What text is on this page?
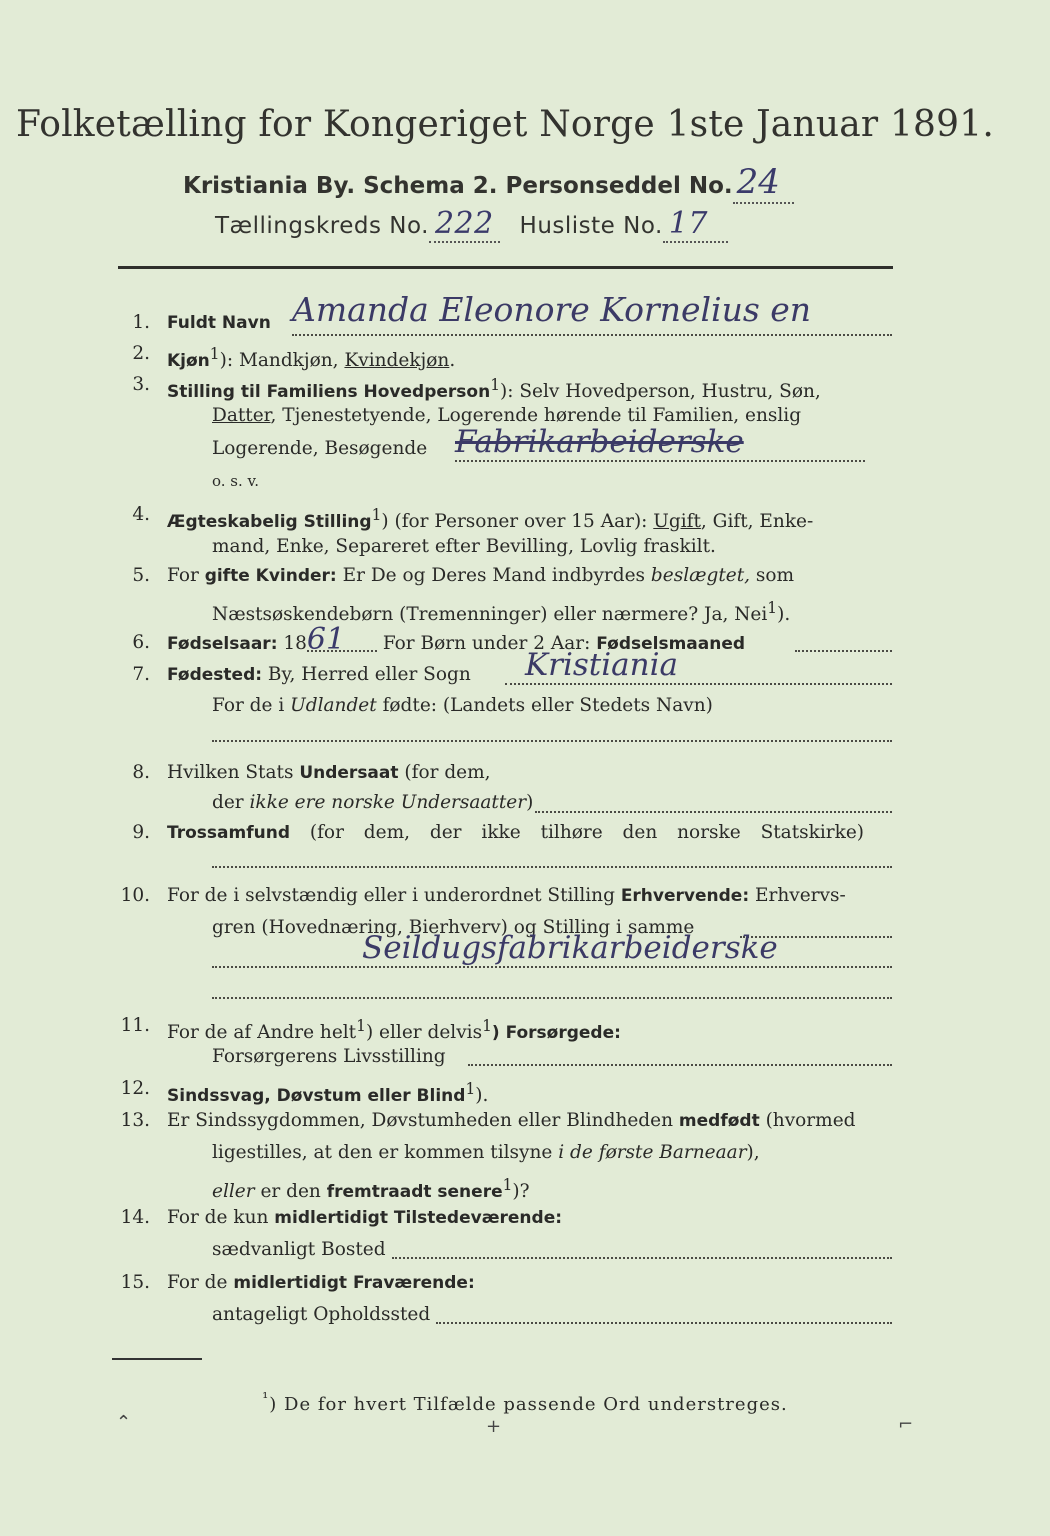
Folketælling for Kongeriget Norge 1ste Januar 1891.
Kristiania By. Schema 2. Personseddel No. 24
Tællingskreds No. 222 Husliste No. 17
1. Fuldt Navn Amanda Eleonore Kornelius en
2. Kjøn$^1$): Mandkjøn, Kvindekjøn.
3. Stilling til Familiens Hovedperson$^1$): Selv Hovedperson, Hustru, Søn,
Datter, Tjenestetyende, Logerende hørende til Familien, enslig
Logerende, Besøgende Fabrikarbeiderske
o. s. v.
4. Ægteskabelig Stilling$^1$) (for Personer over 15 Aar): Ugift, Gift, Enke-
mand, Enke, Separeret efter Bevilling, Lovlig fraskilt.
5. For gifte Kvinder: Er De og Deres Mand indbyrdes beslægtet, som
Næstsøskendebørn (Tremenninger) eller nærmere? Ja, Nei$^1$).
6. Fødselsaar: 1861 For Børn under 2 Aar: Fødselsmaaned
7. Fødested: By, Herred eller Sogn Kristiania
For de i Udlandet fødte: (Landets eller Stedets Navn)
8. Hvilken Stats Undersaat (for dem,
der ikke ere norske Undersaatter)
9. Trossamfund (for dem, der ikke tilhøre den norske Statskirke)
10. For de i selvstændig eller i underordnet Stilling Erhvervende: Erhvervs-
gren (Hovednæring, Bierhverv) og Stilling i samme
Seildugsfabrikarbeiderske
11. For de af Andre helt$^1$) eller delvis$^1$) Forsørgede:
Forsørgerens Livsstilling
12. Sindssvag, Døvstum eller Blind$^1$).
13. Er Sindssygdommen, Døvstumheden eller Blindheden medfødt (hvormed
ligestilles, at den er kommen tilsyne i de første Barneaar),
eller er den fremtraadt senere$^1$)?
14. For de kun midlertidigt Tilstedeværende:
sædvanligt Bosted
15. For de midlertidigt Fraværende:
antageligt Opholdssted
$^{^1}$) De for hvert Tilfælde passende Ord understreges.
⌃	+	⌐
